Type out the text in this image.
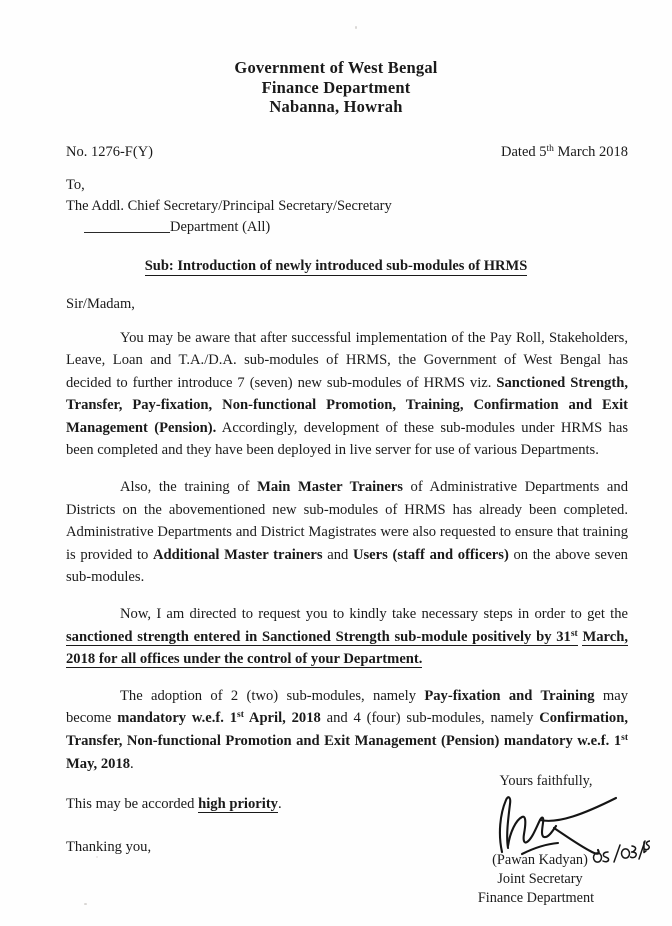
Government of West Bengal
Finance Department
Nabanna, Howrah
No. 1276-F(Y)	Dated 5th March 2018
To,
The Addl. Chief Secretary/Principal Secretary/Secretary
Department (All)
Sub: Introduction of newly introduced sub-modules of HRMS
Sir/Madam,

You may be aware that after successful implementation of the Pay Roll, Stakeholders, Leave, Loan and T.A./D.A. sub-modules of HRMS, the Government of West Bengal has decided to further introduce 7 (seven) new sub-modules of HRMS viz. Sanctioned Strength, Transfer, Pay-fixation, Non-functional Promotion, Training, Confirmation and Exit Management (Pension). Accordingly, development of these sub-modules under HRMS has been completed and they have been deployed in live server for use of various Departments.

Also, the training of Main Master Trainers of Administrative Departments and Districts on the abovementioned new sub-modules of HRMS has already been completed. Administrative Departments and District Magistrates were also requested to ensure that training is provided to Additional Master trainers and Users (staff and officers) on the above seven sub-modules.

Now, I am directed to request you to kindly take necessary steps in order to get the sanctioned strength entered in Sanctioned Strength sub-module positively by 31st March, 2018 for all offices under the control of your Department.

The adoption of 2 (two) sub-modules, namely Pay-fixation and Training may become mandatory w.e.f. 1st April, 2018 and 4 (four) sub-modules, namely Confirmation, Transfer, Non-functional Promotion and Exit Management (Pension) mandatory w.e.f. 1st May, 2018.

This may be accorded high priority.

Thanking you,

Yours faithfully,
(Pawan Kadyan)
Joint Secretary
Finance Department
